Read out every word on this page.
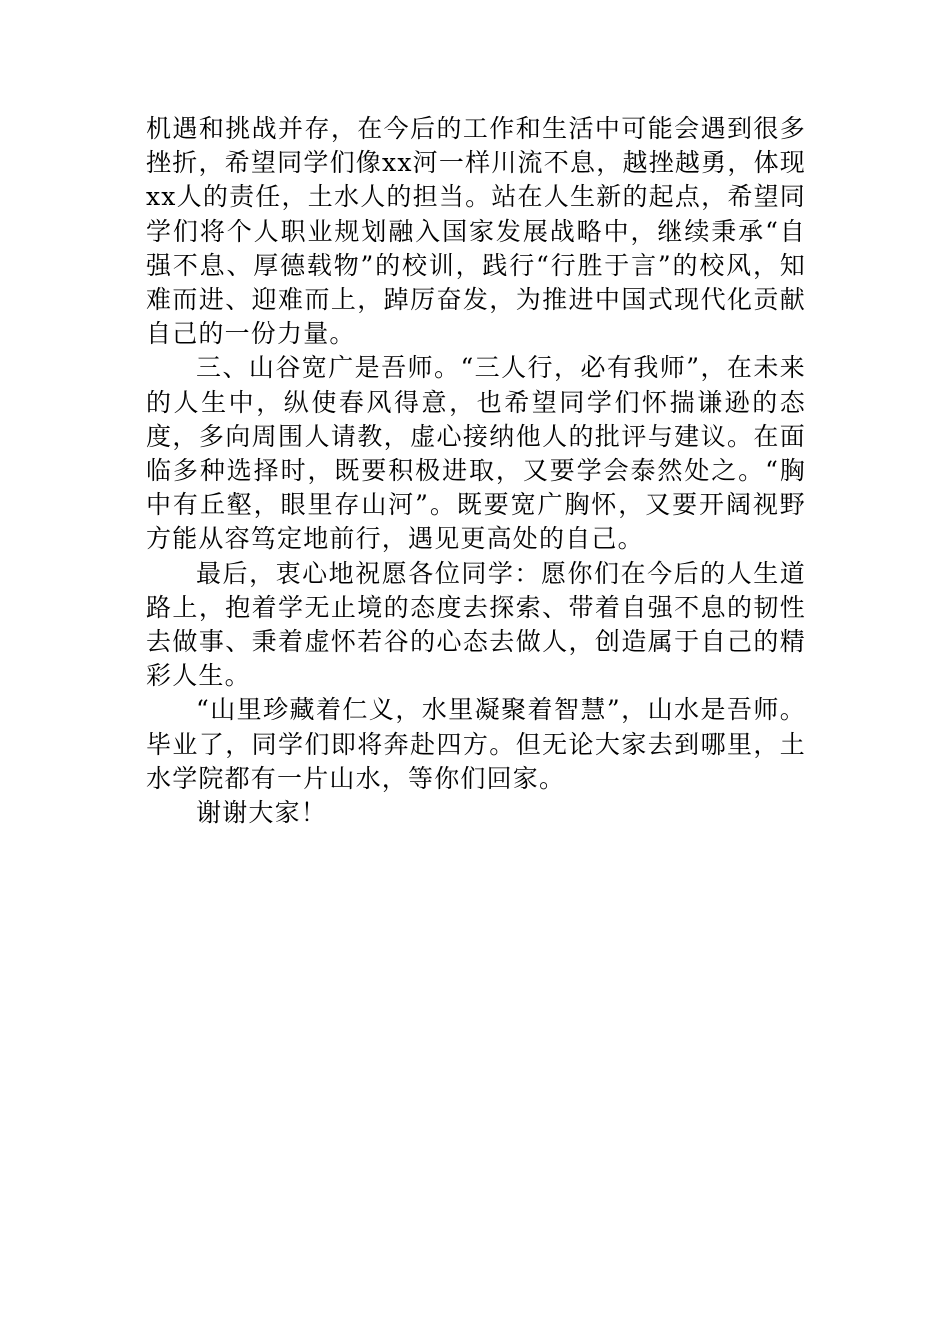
机遇和挑战并存，在今后的工作和生活中可能会遇到很多挫折，希望同学们像xx河一样川流不息，越挫越勇，体现xx人的责任，土水人的担当。站在人生新的起点，希望同学们将个人职业规划融入国家发展战略中，继续秉承“自强不息、厚德载物”的校训，践行“行胜于言”的校风，知难而进、迎难而上，踔厉奋发，为推进中国式现代化贡献自己的一份力量。

三、山谷宽广是吾师。“三人行，必有我师”，在未来的人生中，纵使春风得意，也希望同学们怀揣谦逊的态度，多向周围人请教，虚心接纳他人的批评与建议。在面临多种选择时，既要积极进取，又要学会泰然处之。“胸中有丘壑，眼里存山河”。既要宽广胸怀，又要开阔视野方能从容笃定地前行，遇见更高处的自己。

最后，衷心地祝愿各位同学：愿你们在今后的人生道路上，抱着学无止境的态度去探索、带着自强不息的韧性去做事、秉着虚怀若谷的心态去做人，创造属于自己的精彩人生。

“山里珍藏着仁义，水里凝聚着智慧”，山水是吾师。毕业了，同学们即将奔赴四方。但无论大家去到哪里，土水学院都有一片山水，等你们回家。

谢谢大家！
